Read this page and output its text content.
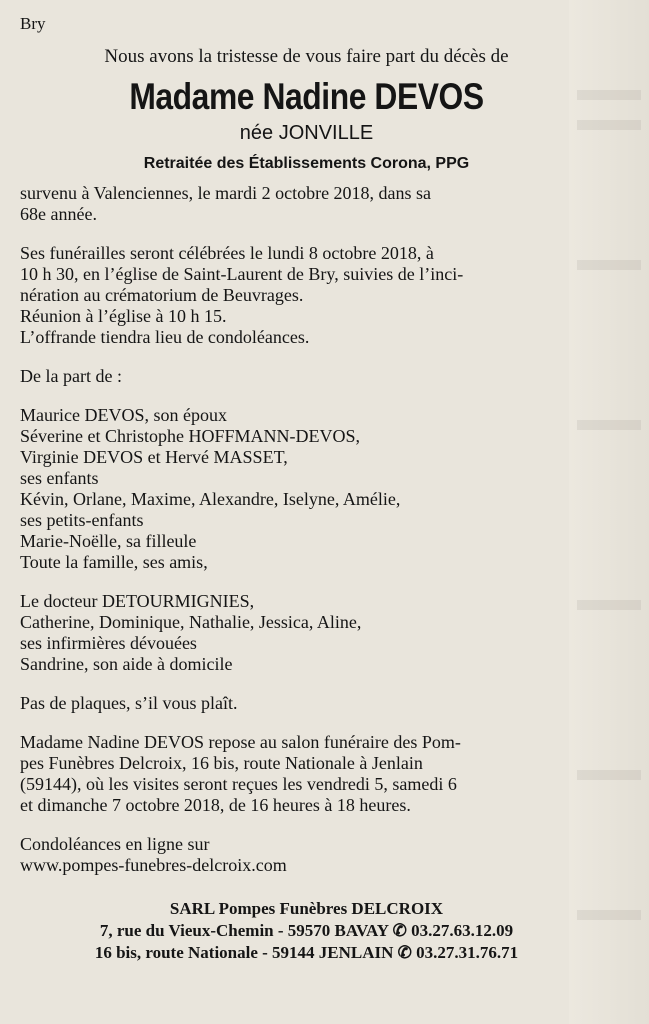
Bry
Nous avons la tristesse de vous faire part du décès de
Madame Nadine DEVOS
née JONVILLE
Retraitée des Établissements Corona, PPG
survenu à Valenciennes, le mardi 2 octobre 2018, dans sa
68e année.
Ses funérailles seront célébrées le lundi 8 octobre 2018, à
10 h 30, en l’église de Saint-Laurent de Bry, suivies de l’inci-
nération au crématorium de Beuvrages.
Réunion à l’église à 10 h 15.
L’offrande tiendra lieu de condoléances.
De la part de :
Maurice DEVOS, son époux
Séverine et Christophe HOFFMANN-DEVOS,
Virginie DEVOS et Hervé MASSET,
ses enfants
Kévin, Orlane, Maxime, Alexandre, Iselyne, Amélie,
ses petits-enfants
Marie-Noëlle, sa filleule
Toute la famille, ses amis,
Le docteur DETOURMIGNIES,
Catherine, Dominique, Nathalie, Jessica, Aline,
ses infirmières dévouées
Sandrine, son aide à domicile
Pas de plaques, s’il vous plaît.
Madame Nadine DEVOS repose au salon funéraire des Pom-
pes Funèbres Delcroix, 16 bis, route Nationale à Jenlain
(59144), où les visites seront reçues les vendredi 5, samedi 6
et dimanche 7 octobre 2018, de 16 heures à 18 heures.
Condoléances en ligne sur
www.pompes-funebres-delcroix.com
SARL Pompes Funèbres DELCROIX
7, rue du Vieux-Chemin - 59570 BAVAY ✆ 03.27.63.12.09
16 bis, route Nationale - 59144 JENLAIN ✆ 03.27.31.76.71
